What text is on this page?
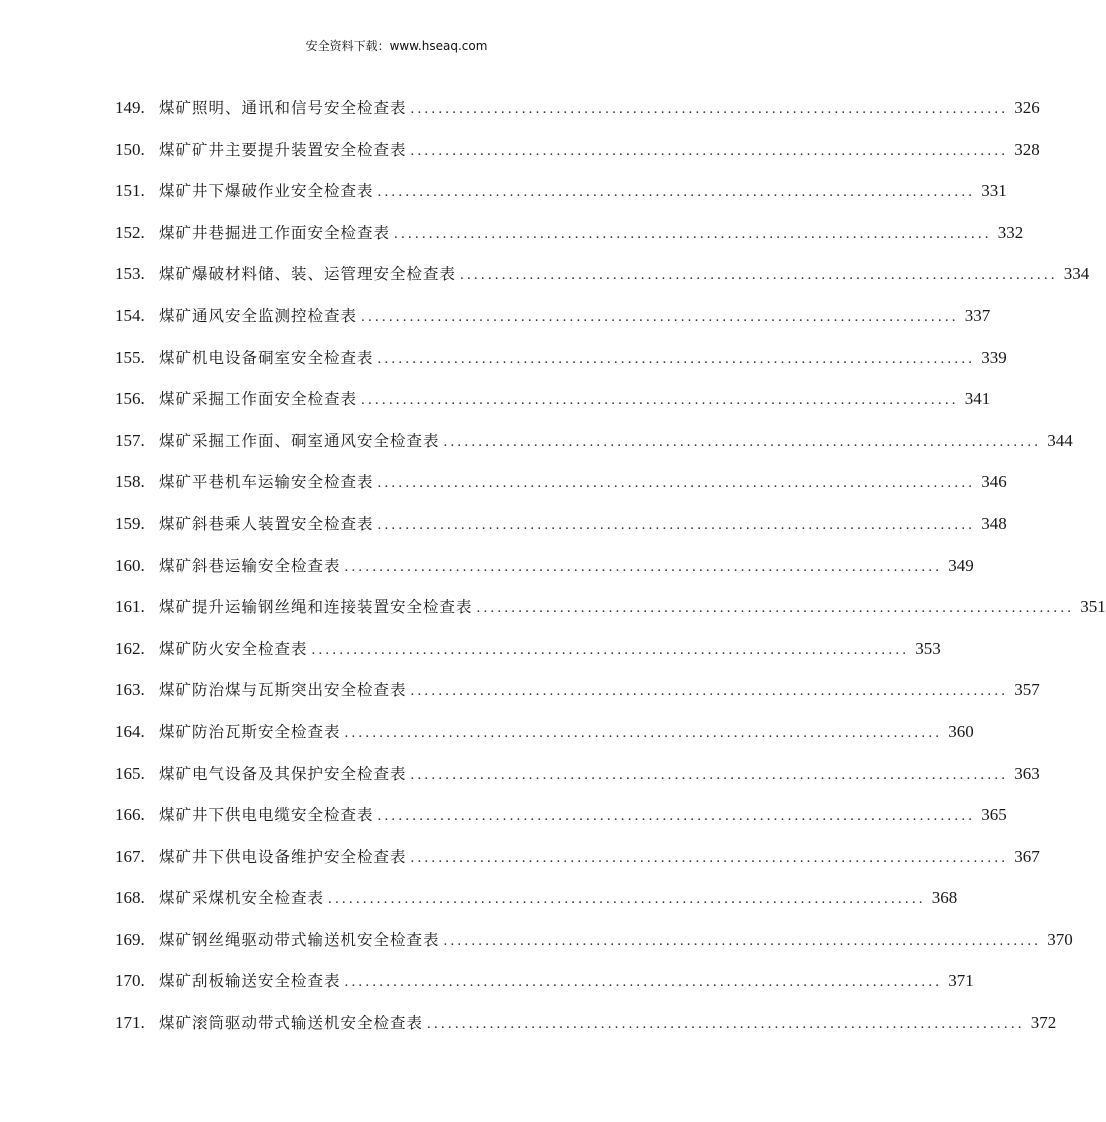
安全资料下载：www.hseaq.com
149. 煤矿照明、通讯和信号安全检查表 ...................................................................................... 326
150. 煤矿矿井主要提升装置安全检查表 ...................................................................................... 328
151. 煤矿井下爆破作业安全检查表 ...................................................................................... 331
152. 煤矿井巷掘进工作面安全检查表 ...................................................................................... 332
153. 煤矿爆破材料储、装、运管理安全检查表 ...................................................................................... 334
154. 煤矿通风安全监测控检查表 ...................................................................................... 337
155. 煤矿机电设备硐室安全检查表 ...................................................................................... 339
156. 煤矿采掘工作面安全检查表 ...................................................................................... 341
157. 煤矿采掘工作面、硐室通风安全检查表 ...................................................................................... 344
158. 煤矿平巷机车运输安全检查表 ...................................................................................... 346
159. 煤矿斜巷乘人装置安全检查表 ...................................................................................... 348
160. 煤矿斜巷运输安全检查表 ...................................................................................... 349
161. 煤矿提升运输钢丝绳和连接装置安全检查表 ...................................................................................... 351
162. 煤矿防火安全检查表 ...................................................................................... 353
163. 煤矿防治煤与瓦斯突出安全检查表 ...................................................................................... 357
164. 煤矿防治瓦斯安全检查表 ...................................................................................... 360
165. 煤矿电气设备及其保护安全检查表 ...................................................................................... 363
166. 煤矿井下供电电缆安全检查表 ...................................................................................... 365
167. 煤矿井下供电设备维护安全检查表 ...................................................................................... 367
168. 煤矿采煤机安全检查表 ...................................................................................... 368
169. 煤矿钢丝绳驱动带式输送机安全检查表 ...................................................................................... 370
170. 煤矿刮板输送安全检查表 ...................................................................................... 371
171. 煤矿滚筒驱动带式输送机安全检查表 ...................................................................................... 372
